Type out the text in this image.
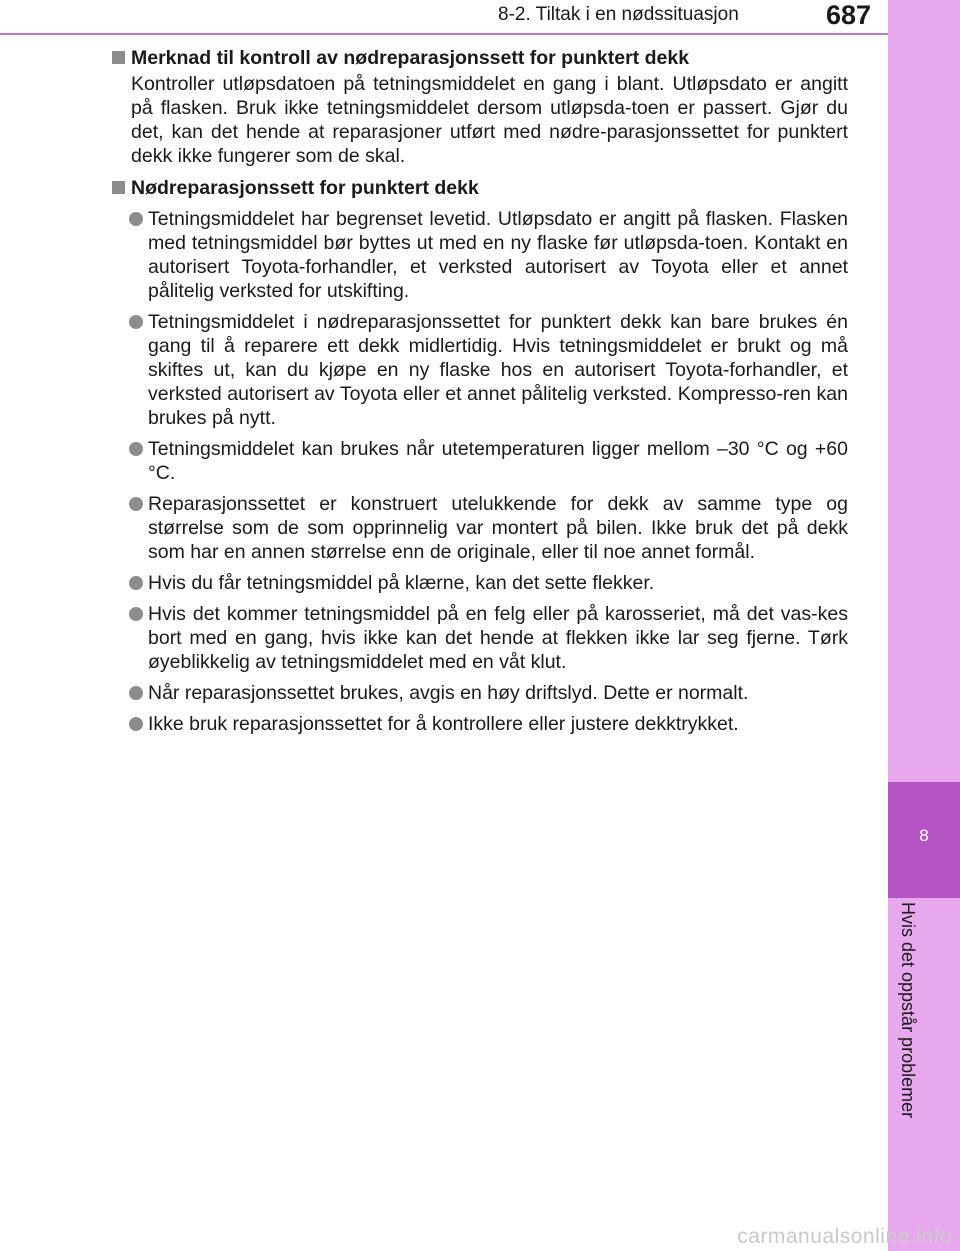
8
Hvis det oppstår problemer
8-2. Tiltak i en nødssituasjon	687
Merknad til kontroll av nødreparasjonssett for punktert dekk
Kontroller utløpsdatoen på tetningsmiddelet en gang i blant. Utløpsdato er angitt på flasken. Bruk ikke tetningsmiddelet dersom utløpsda-toen er passert. Gjør du det, kan det hende at reparasjoner utført med nødre-parasjonssettet for punktert dekk ikke fungerer som de skal.
Nødreparasjonssett for punktert dekk
Tetningsmiddelet har begrenset levetid. Utløpsdato er angitt på flasken. Flasken med tetningsmiddel bør byttes ut med en ny flaske før utløpsda-toen. Kontakt en autorisert Toyota-forhandler, et verksted autorisert av Toyota eller et annet pålitelig verksted for utskifting.
Tetningsmiddelet i nødreparasjonssettet for punktert dekk kan bare brukes én gang til å reparere ett dekk midlertidig. Hvis tetningsmiddelet er brukt og må skiftes ut, kan du kjøpe en ny flaske hos en autorisert Toyota-forhandler, et verksted autorisert av Toyota eller et annet pålitelig verksted. Kompresso-ren kan brukes på nytt.
Tetningsmiddelet kan brukes når utetemperaturen ligger mellom –30 °C og +60 °C.
Reparasjonssettet er konstruert utelukkende for dekk av samme type og størrelse som de som opprinnelig var montert på bilen. Ikke bruk det på dekk som har en annen størrelse enn de originale, eller til noe annet formål.
Hvis du får tetningsmiddel på klærne, kan det sette flekker.
Hvis det kommer tetningsmiddel på en felg eller på karosseriet, må det vas-kes bort med en gang, hvis ikke kan det hende at flekken ikke lar seg fjerne. Tørk øyeblikkelig av tetningsmiddelet med en våt klut.
Når reparasjonssettet brukes, avgis en høy driftslyd. Dette er normalt.
Ikke bruk reparasjonssettet for å kontrollere eller justere dekktrykket.
carmanualsonline.info
